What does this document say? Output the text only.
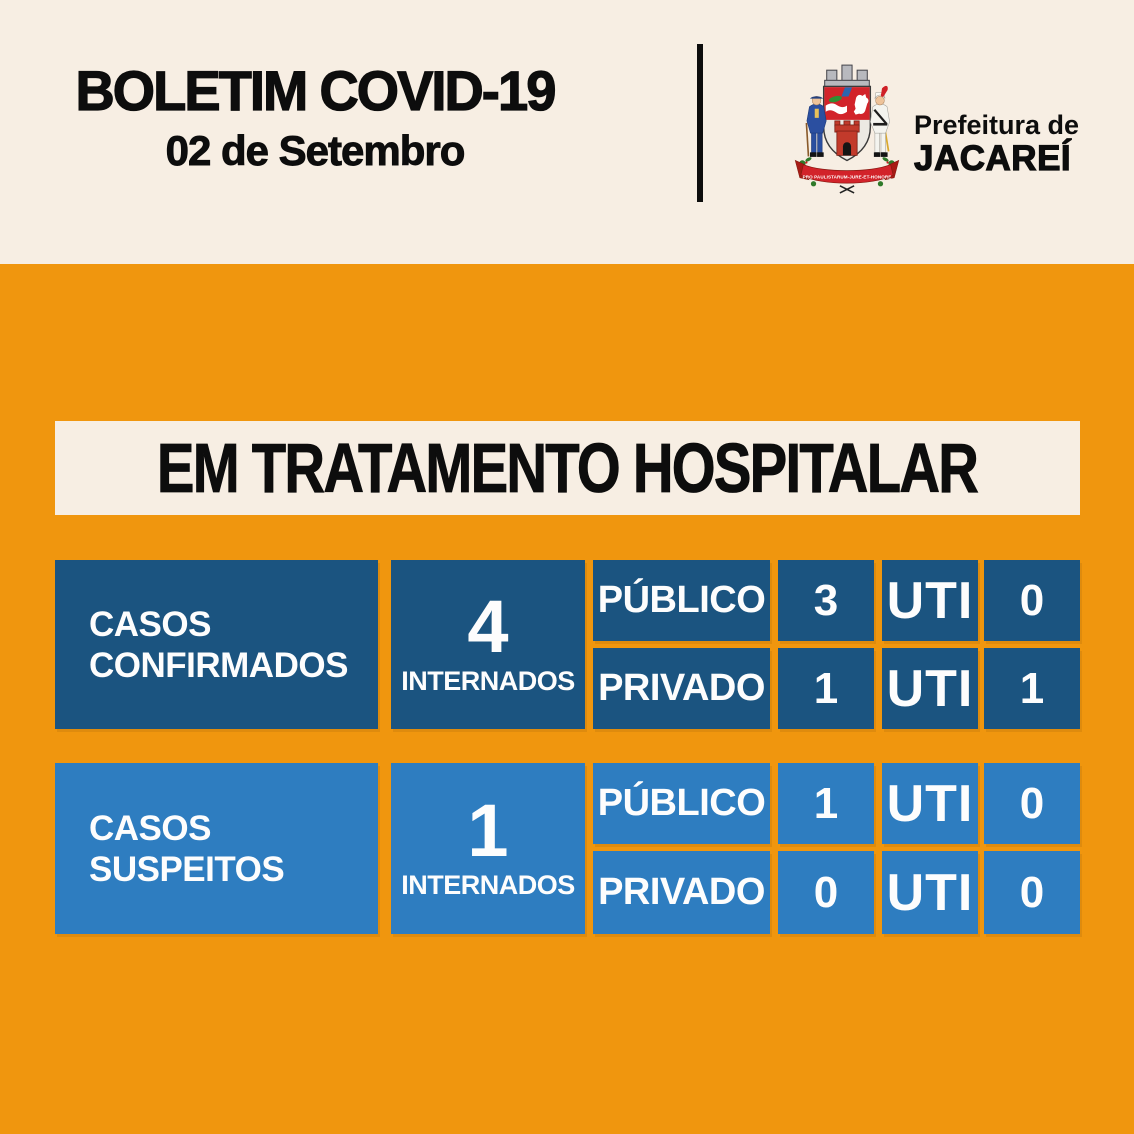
BOLETIM COVID-19
02 de Setembro
PRO PAULISTARUM-JURE-ET-HONORE
Prefeitura de
JACAREÍ
EM TRATAMENTO HOSPITALAR
CASOS
CONFIRMADOS 4
INTERNADOS
PÚBLICO 3 UTI 0
PRIVADO 1 UTI 1
CASOS
SUSPEITOS 1
INTERNADOS
PÚBLICO 1 UTI 0
PRIVADO 0 UTI 0
